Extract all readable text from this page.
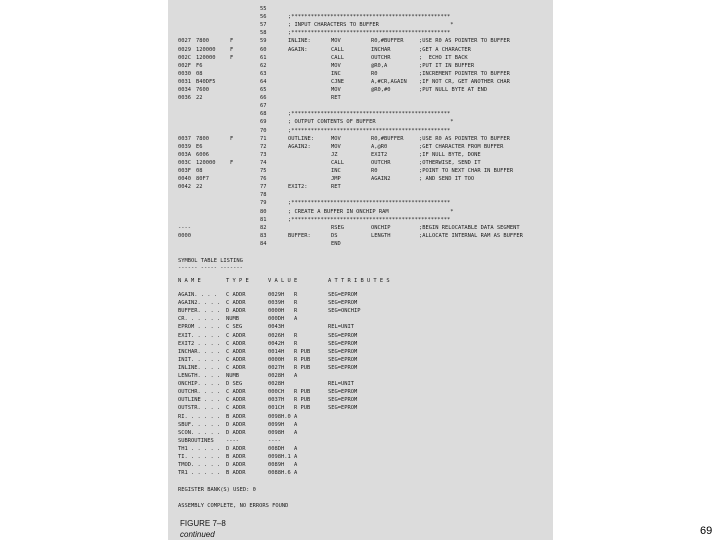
55
56	;*************************************************
57	; INPUT CHARACTERS TO BUFFER                      *
58	;*************************************************
0027 7800	F	59	INLINE:	MOV	R0,#BUFFER	;USE R0 AS POINTER TO BUFFER
0029 120000	F	60	AGAIN:	CALL	INCHAR	;GET A CHARACTER
002C 120000	F	61	CALL	OUTCHR	;  ECHO IT BACK
002F F6	62	MOV	@R0,A	;PUT IT IN BUFFER
0030 08	63	INC	R0	;INCREMENT POINTER TO BUFFER
0031 B40DF5	64	CJNE	A,#CR,AGAIN ;IF NOT CR, GET ANOTHER CHAR
0034 7600	65	MOV	@R0,#0	;PUT NULL BYTE AT END
0036 22	66	RET
67
68	;*************************************************
69	; OUTPUT CONTENTS OF BUFFER                       *
70	;*************************************************
0037 7800	F	71	OUTLINE:	MOV	R0,#BUFFER	;USE R0 AS POINTER TO BUFFER
0039 E6	72	AGAIN2:	MOV	A,@R0	;GET CHARACTER FROM BUFFER
003A 6006	73	JZ	EXIT2	;IF NULL BYTE, DONE
003C 120000	F	74	CALL	OUTCHR	;OTHERWISE, SEND IT
003F 08	75	INC	R0	;POINT TO NEXT CHAR IN BUFFER
0040 80F7	76	JMP	AGAIN2	; AND SEND IT TOO
0042 22	77	EXIT2:	RET
78
79	;*************************************************
80	; CREATE A BUFFER IN ONCHIP RAM                   *
81	;*************************************************
----	82	RSEG	ONCHIP	;BEGIN RELOCATABLE DATA SEGMENT
0000	83	BUFFER:	DS	LENGTH	;ALLOCATE INTERNAL RAM AS BUFFER
84	END
SYMBOL TABLE LISTING
------ ----- -------
N A M E	T Y P E	V A L U E	A T T R I B U T E S
AGAIN. . . . C ADDR	0029H   R	SEG=EPROM
AGAIN2. . . . C ADDR	0039H   R	SEG=EPROM
BUFFER. . . . D ADDR	0000H   R	SEG=ONCHIP
CR. . . . . . NUMB	000DH   A
EPROM . . . . C SEG	0043H	REL=UNIT
EXIT. . . . . C ADDR	0026H   R	SEG=EPROM
EXIT2 . . . . C ADDR	0042H   R	SEG=EPROM
INCHAR. . . . C ADDR	0014H   R PUB	SEG=EPROM
INIT. . . . . C ADDR	0000H   R PUB	SEG=EPROM
INLINE. . . . C ADDR	0027H   R PUB	SEG=EPROM
LENGTH. . . . NUMB	0028H   A
ONCHIP. . . . D SEG	0028H	REL=UNIT
OUTCHR. . . . C ADDR	000CH   R PUB	SEG=EPROM
OUTLINE . . . C ADDR	0037H   R PUB	SEG=EPROM
OUTSTR. . . . C ADDR	001CH   R PUB	SEG=EPROM
RI. . . . . . B ADDR	0098H.0 A
SBUF. . . . . D ADDR	0099H   A
SCON. . . . . D ADDR	0098H   A
SUBROUTINES ----	----
TH1 . . . . . D ADDR	008DH   A
TI. . . . . . B ADDR	0098H.1 A
TMOD. . . . . D ADDR	0089H   A
TR1 . . . . . B ADDR	0088H.6 A

REGISTER BANK(S) USED: 0

ASSEMBLY COMPLETE, NO ERRORS FOUND

FIGURE 7–8
continued	69
